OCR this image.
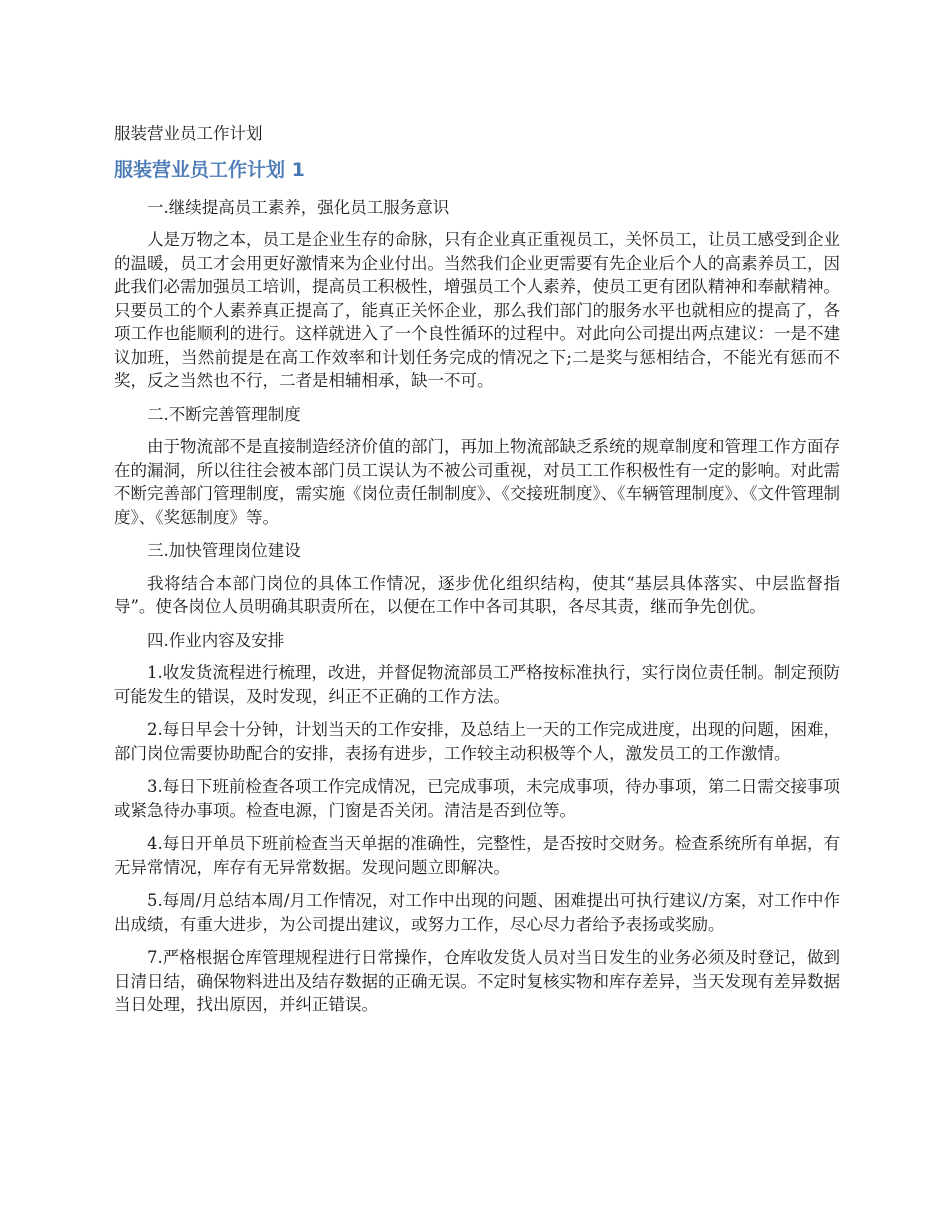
服装营业员工作计划

服装营业员工作计划 1

一.继续提高员工素养，强化员工服务意识

人是万物之本，员工是企业生存的命脉，只有企业真正重视员工，关怀员工，让员工感受到企业的温暖，员工才会用更好激情来为企业付出。当然我们企业更需要有先企业后个人的高素养员工，因此我们必需加强员工培训，提高员工积极性，增强员工个人素养，使员工更有团队精神和奉献精神。只要员工的个人素养真正提高了，能真正关怀企业，那么我们部门的服务水平也就相应的提高了，各项工作也能顺利的进行。这样就进入了一个良性循环的过程中。对此向公司提出两点建议：一是不建议加班，当然前提是在高工作效率和计划任务完成的情况之下;二是奖与惩相结合，不能光有惩而不奖，反之当然也不行，二者是相辅相承，缺一不可。

二.不断完善管理制度

由于物流部不是直接制造经济价值的部门，再加上物流部缺乏系统的规章制度和管理工作方面存在的漏洞，所以往往会被本部门员工误认为不被公司重视，对员工工作积极性有一定的影响。对此需不断完善部门管理制度，需实施《岗位责任制制度》、《交接班制度》、《车辆管理制度》、《文件管理制度》、《奖惩制度》等。

三.加快管理岗位建设

我将结合本部门岗位的具体工作情况，逐步优化组织结构，使其“基层具体落实、中层监督指导”。使各岗位人员明确其职责所在，以便在工作中各司其职，各尽其责，继而争先创优。

四.作业内容及安排

1.收发货流程进行梳理，改进，并督促物流部员工严格按标准执行，实行岗位责任制。制定预防可能发生的错误，及时发现，纠正不正确的工作方法。

2.每日早会十分钟，计划当天的工作安排，及总结上一天的工作完成进度，出现的问题，困难，部门岗位需要协助配合的安排，表扬有进步，工作较主动积极等个人，激发员工的工作激情。

3.每日下班前检查各项工作完成情况，已完成事项，未完成事项，待办事项，第二日需交接事项或紧急待办事项。检查电源，门窗是否关闭。清洁是否到位等。

4.每日开单员下班前检查当天单据的准确性，完整性，是否按时交财务。检查系统所有单据，有无异常情况，库存有无异常数据。发现问题立即解决。

5.每周/月总结本周/月工作情况，对工作中出现的问题、困难提出可执行建议/方案，对工作中作出成绩，有重大进步，为公司提出建议，或努力工作，尽心尽力者给予表扬或奖励。

7.严格根据仓库管理规程进行日常操作，仓库收发货人员对当日发生的业务必须及时登记，做到日清日结，确保物料进出及结存数据的正确无误。不定时复核实物和库存差异，当天发现有差异数据当日处理，找出原因，并纠正错误。
